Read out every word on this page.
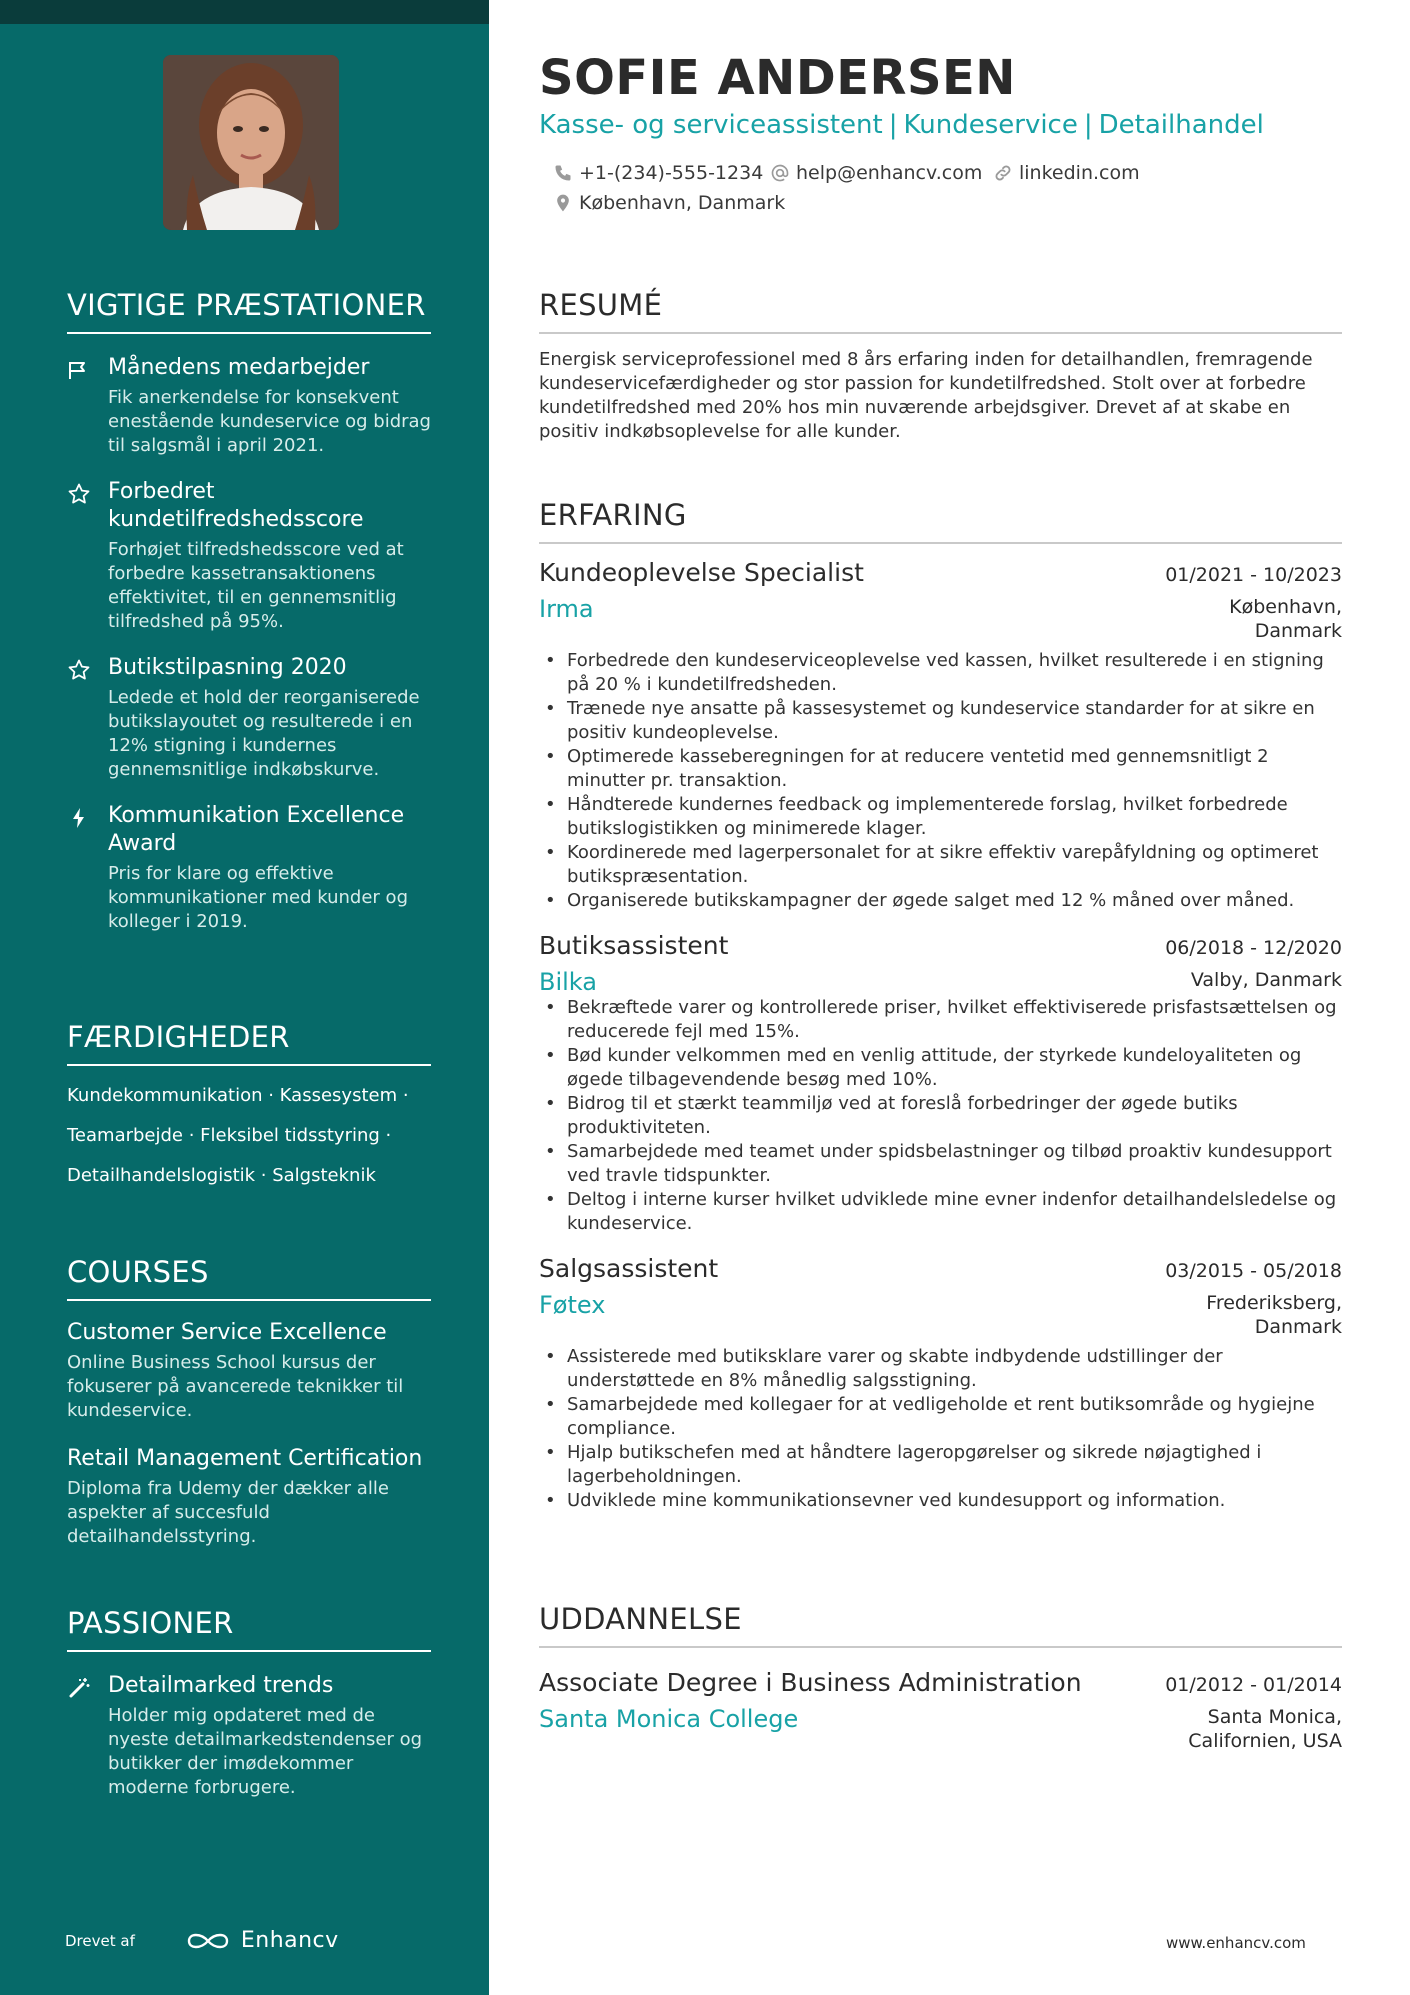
VIGTIGE PRÆSTATIONER
Månedens medarbejder
Fik anerkendelse for konsekvent enestående kundeservice og bidrag til salgsmål i april 2021.
Forbedret kundetilfredshedsscore
Forhøjet tilfredshedsscore ved at forbedre kassetransaktionens effektivitet, til en gennemsnitlig tilfredshed på 95%.
Butikstilpasning 2020
Ledede et hold der reorganiserede butikslayoutet og resulterede i en 12% stigning i kundernes gennemsnitlige indkøbskurve.
Kommunikation Excellence Award
Pris for klare og effektive kommunikationer med kunder og kolleger i 2019.
FÆRDIGHEDER
Kundekommunikation · Kassesystem ·
Teamarbejde · Fleksibel tidsstyring ·
Detailhandelslogistik · Salgsteknik
COURSES
Customer Service Excellence
Online Business School kursus der fokuserer på avancerede teknikker til kundeservice.
Retail Management Certification
Diploma fra Udemy der dækker alle aspekter af succesfuld detailhandelsstyring.
PASSIONER
Detailmarked trends
Holder mig opdateret med de nyeste detailmarkedstendenser og butikker der imødekommer moderne forbrugere.
Drevet af	Enhancv
SOFIE ANDERSEN
Kasse- og serviceassistent | Kundeservice | Detailhandel
+1-(234)-555-1234 help@enhancv.com linkedin.com
København, Danmark
RESUMÉ
Energisk serviceprofessionel med 8 års erfaring inden for detailhandlen, fremragende kundeservicefærdigheder og stor passion for kundetilfredshed. Stolt over at forbedre kundetilfredshed med 20% hos min nuværende arbejdsgiver. Drevet af at skabe en positiv indkøbsoplevelse for alle kunder.
ERFARING
Kundeoplevelse Specialist	01/2021 - 10/2023
Irma	København,
Danmark
• Forbedrede den kundeserviceoplevelse ved kassen, hvilket resulterede i en stigning på 20 % i kundetilfredsheden.
• Trænede nye ansatte på kassesystemet og kundeservice standarder for at sikre en positiv kundeoplevelse.
• Optimerede kasseberegningen for at reducere ventetid med gennemsnitligt 2 minutter pr. transaktion.
• Håndterede kundernes feedback og implementerede forslag, hvilket forbedrede butikslogistikken og minimerede klager.
• Koordinerede med lagerpersonalet for at sikre effektiv varepåfyldning og optimeret butikspræsentation.
• Organiserede butikskampagner der øgede salget med 12 % måned over måned.
Butiksassistent	06/2018 - 12/2020
Bilka	Valby, Danmark
• Bekræftede varer og kontrollerede priser, hvilket effektiviserede prisfastsættelsen og reducerede fejl med 15%.
• Bød kunder velkommen med en venlig attitude, der styrkede kundeloyaliteten og øgede tilbagevendende besøg med 10%.
• Bidrog til et stærkt teammiljø ved at foreslå forbedringer der øgede butiks produktiviteten.
• Samarbejdede med teamet under spidsbelastninger og tilbød proaktiv kundesupport ved travle tidspunkter.
• Deltog i interne kurser hvilket udviklede mine evner indenfor detailhandelsledelse og kundeservice.
Salgsassistent	03/2015 - 05/2018
Føtex	Frederiksberg,
Danmark
• Assisterede med butiksklare varer og skabte indbydende udstillinger der understøttede en 8% månedlig salgsstigning.
• Samarbejdede med kollegaer for at vedligeholde et rent butiksområde og hygiejne compliance.
• Hjalp butikschefen med at håndtere lageropgørelser og sikrede nøjagtighed i lagerbeholdningen.
• Udviklede mine kommunikationsevner ved kundesupport og information.
UDDANNELSE
Associate Degree i Business Administration	01/2012 - 01/2014
Santa Monica College	Santa Monica,
Californien, USA
www.enhancv.com
